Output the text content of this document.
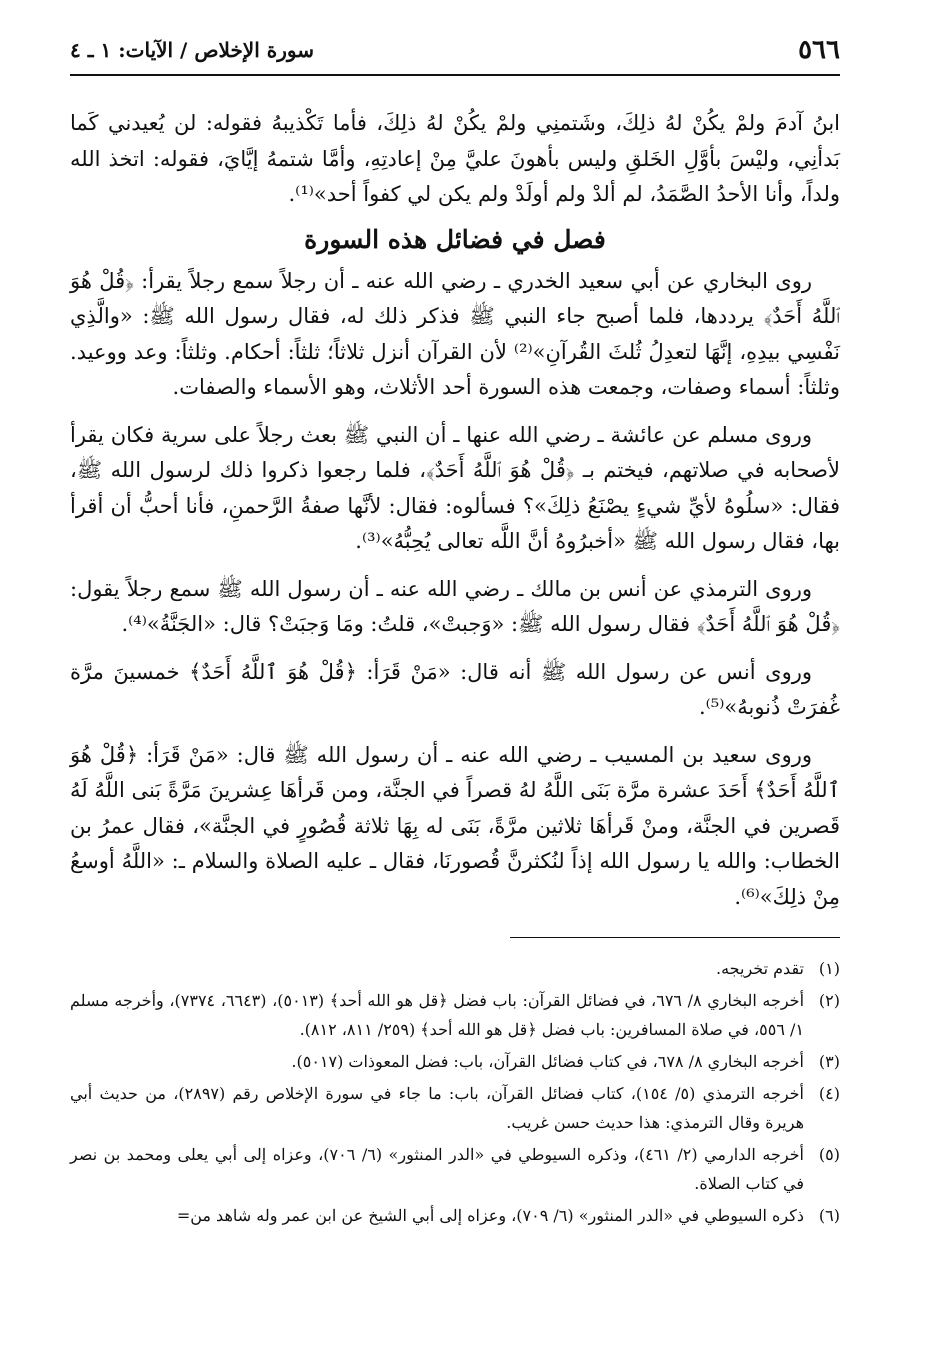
٥٦٦
سورة الإخلاص / الآيات: ١ ـ ٤

ابنُ آدمَ ولمْ يكُنْ لهُ ذلِكَ، وشَتمنِي ولمْ يكُنْ لهُ ذلِكَ، فأما تَكْذيبهُ فقوله: لن يُعيدني كَما بَدأنِي، وليْسَ بأوَّلِ الخَلقِ وليس بأهونَ عليَّ مِنْ إعادتِهِ، وأمَّا شتمهُ إيَّايَ، فقوله: اتخذ الله ولداً، وأنا الأحدُ الصَّمَدُ، لم ألدْ ولم أولَدْ ولم يكن لي كفواً أحد»⁽¹⁾.

فصل في فضائل هذه السورة

روى البخاري عن أبي سعيد الخدري ـ رضي الله عنه ـ أن رجلاً سمع رجلاً يقرأ: ﴿قُلْ هُوَ ٱللَّهُ أَحَدٌ﴾ يرددها، فلما أصبح جاء النبي ﷺ فذكر ذلك له، فقال رسول الله ﷺ: «والَّذِي نَفْسِي بيدِهِ، إنَّهَا لتعدِلُ ثُلثَ القُرآنِ»⁽²⁾ لأن القرآن أنزل ثلاثاً؛ ثلثاً: أحكام. وثلثاً: وعد ووعيد. وثلثاً: أسماء وصفات، وجمعت هذه السورة أحد الأثلاث، وهو الأسماء والصفات.

وروى مسلم عن عائشة ـ رضي الله عنها ـ أن النبي ﷺ بعث رجلاً على سرية فكان يقرأ لأصحابه في صلاتهم، فيختم بـ ﴿قُلْ هُوَ ٱللَّهُ أَحَدٌ﴾، فلما رجعوا ذكروا ذلك لرسول الله ﷺ، فقال: «سلُوهُ لأيِّ شيءٍ يصْنَعُ ذلِكَ»؟ فسألوه: فقال: لأنَّها صفةُ الرَّحمنِ، فأنا أحبُّ أن أقرأ بها، فقال رسول الله ﷺ «أخبرُوهُ أنَّ اللَّه تعالى يُحِبُّهُ»⁽³⁾.

وروى الترمذي عن أنس بن مالك ـ رضي الله عنه ـ أن رسول الله ﷺ سمع رجلاً يقول: ﴿قُلْ هُوَ ٱللَّهُ أَحَدٌ﴾ فقال رسول الله ﷺ: «وَجبتْ»، قلتُ: ومَا وَجبَتْ؟ قال: «الجَنَّةُ»⁽⁴⁾.

وروى أنس عن رسول الله ﷺ أنه قال: «مَنْ قَرَأ: ﴿قُلْ هُوَ ٱللَّهُ أَحَدٌ﴾ خمسينَ مرَّة غُفرَتْ ذُنوبهُ»⁽⁵⁾.

وروى سعيد بن المسيب ـ رضي الله عنه ـ أن رسول الله ﷺ قال: «مَنْ قَرَأ: ﴿قُلْ هُوَ ٱللَّهُ أَحَدٌ﴾ أَحَدَ عشرة مرَّة بَنَى اللَّهُ لهُ قصراً في الجنَّة، ومن قَرأهَا عِشرينَ مَرَّةً بَنى اللَّهُ لَهُ قَصرين في الجنَّة، ومنْ قَرأهَا ثلاثين مرَّةً، بَنَى له بِهَا ثلاثة قُصُورٍ في الجنَّة»، فقال عمرُ بن الخطاب: والله يا رسول الله إذاً لنُكثرنَّ قُصورنَا، فقال ـ عليه الصلاة والسلام ـ: «اللَّهُ أوسعُ مِنْ ذلِكَ»⁽⁶⁾.

(١)
تقدم تخريجه.
(٢)
أخرجه البخاري ٨/ ٦٧٦، في فضائل القرآن: باب فضل ﴿قل هو الله أحد﴾ (٥٠١٣)، (٦٦٤٣، ٧٣٧٤)، وأخرجه مسلم ١/ ٥٥٦، في صلاة المسافرين: باب فضل ﴿قل هو الله أحد﴾ (٢٥٩/ ٨١١، ٨١٢).
(٣)
أخرجه البخاري ٨/ ٦٧٨، في كتاب فضائل القرآن، باب: فضل المعوذات (٥٠١٧).
(٤)
أخرجه الترمذي (٥/ ١٥٤)، كتاب فضائل القرآن، باب: ما جاء في سورة الإخلاص رقم (٢٨٩٧)، من حديث أبي هريرة وقال الترمذي: هذا حديث حسن غريب.
(٥)
أخرجه الدارمي (٢/ ٤٦١)، وذكره السيوطي في «الدر المنثور» (٦/ ٧٠٦)، وعزاه إلى أبي يعلى ومحمد بن نصر في كتاب الصلاة.
(٦)
ذكره السيوطي في «الدر المنثور» (٦/ ٧٠٩)، وعزاه إلى أبي الشيخ عن ابن عمر وله شاهد من=
